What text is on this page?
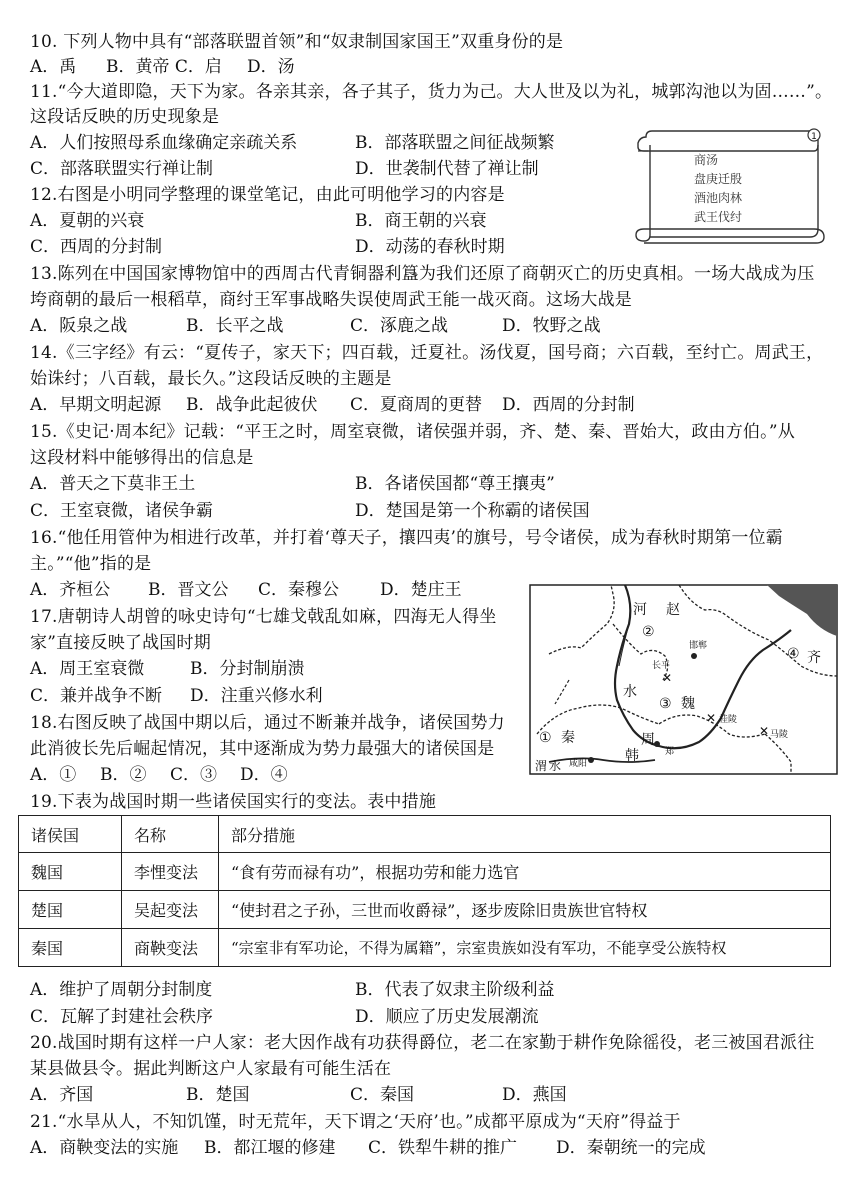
10. 下列人物中具有“部落联盟首领”和“奴隶制国家国王”双重身份的是
A．禹 B．黄帝 C．启 D．汤
11.“今大道即隐，天下为家。各亲其亲，各子其子，货力为己。大人世及以为礼，城郭沟池以为固……”。
这段话反映的历史现象是
A．人们按照母系血缘确定亲疏关系	B．部落联盟之间征战频繁
C．部落联盟实行禅让制	D．世袭制代替了禅让制
1
商汤
盘庚迁殷
酒池肉林
武王伐纣
12.右图是小明同学整理的课堂笔记，由此可明他学习的内容是
A．夏朝的兴衰	B．商王朝的兴衰
C．西周的分封制	D．动荡的春秋时期
13.陈列在中国国家博物馆中的西周古代青铜器利簋为我们还原了商朝灭亡的历史真相。一场大战成为压
垮商朝的最后一根稻草，商纣王军事战略失误使周武王能一战灭商。这场大战是
A．阪泉之战	B．长平之战	C．涿鹿之战	D．牧野之战
14.《三字经》有云：“夏传子，家天下；四百载，迁夏社。汤伐夏，国号商；六百载，至纣亡。周武王，
始诛纣；八百载，最长久。”这段话反映的主题是
A．早期文明起源 B．战争此起彼伏 C．夏商周的更替 D．西周的分封制
15.《史记·周本纪》记载：“平王之时，周室衰微，诸侯强并弱，齐、楚、秦、晋始大，政由方伯。”从
这段材料中能够得出的信息是
A．普天之下莫非王土	B．各诸侯国都“尊王攘夷”
C．王室衰微，诸侯争霸	D．楚国是第一个称霸的诸侯国
16.“他任用管仲为相进行改革，并打着‘尊天子，攘四夷’的旗号，号令诸侯，成为春秋时期第一位霸
主。”“他”指的是
A．齐桓公 B．晋文公 C．秦穆公 D．楚庄王
✕
✕
✕
河 赵
②
长平
邯郸	④ 齐
水
③ 魏
桂陵
① 秦
咸阳
周
韩	郑
马陵
渭 水
17.唐朝诗人胡曾的咏史诗句“七雄戈戟乱如麻，四海无人得坐
家”直接反映了战国时期
A．周王室衰微	B．分封制崩溃
C．兼并战争不断 D．注重兴修水利
18.右图反映了战国中期以后，通过不断兼并战争，诸侯国势力
此消彼长先后崛起情况，其中逐渐成为势力最强大的诸侯国是
A．① B．② C．③ D．④
19.下表为战国时期一些诸侯国实行的变法。表中措施
诸侯国	名称	部分措施
魏国	李悝变法	“食有劳而禄有功”，根据功劳和能力选官
楚国	吴起变法	“使封君之子孙，三世而收爵禄”，逐步废除旧贵族世官特权
秦国	商鞅变法	“宗室非有军功论，不得为属籍”，宗室贵族如没有军功，不能享受公族特权
A．维护了周朝分封制度	B．代表了奴隶主阶级利益
C．瓦解了封建社会秩序	D．顺应了历史发展潮流
20.战国时期有这样一户人家：老大因作战有功获得爵位，老二在家勤于耕作免除徭役，老三被国君派往
某县做县令。据此判断这户人家最有可能生活在
A．齐国	B．楚国	C．秦国	D．燕国
21.“水旱从人，不知饥馑，时无荒年，天下谓之‘天府’也。”成都平原成为“天府”得益于
A．商鞅变法的实施 B．都江堰的修建 C．铁犁牛耕的推广 D．秦朝统一的完成
